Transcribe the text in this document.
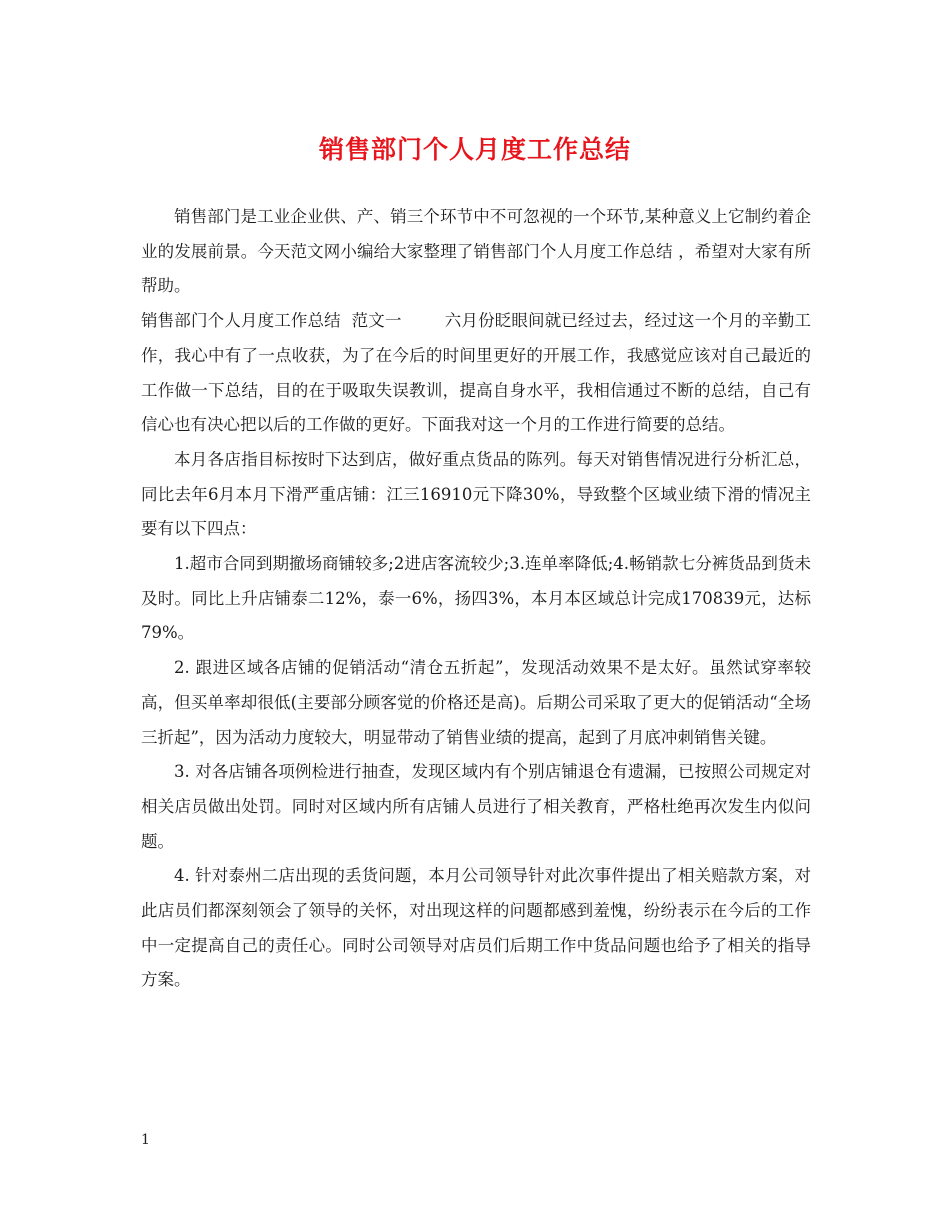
销售部门个人月度工作总结

销售部门是工业企业供、产、销三个环节中不可忽视的一个环节,某种意义上它制约着企业的发展前景。今天范文网小编给大家整理了销售部门个人月度工作总结 ，希望对大家有所帮助。

销售部门个人月度工作总结  范文一        六月份眨眼间就已经过去，经过这一个月的辛勤工作，我心中有了一点收获，为了在今后的时间里更好的开展工作，我感觉应该对自己最近的工作做一下总结，目的在于吸取失误教训，提高自身水平，我相信通过不断的总结，自己有信心也有决心把以后的工作做的更好。下面我对这一个月的工作进行简要的总结。

本月各店指目标按时下达到店，做好重点货品的陈列。每天对销售情况进行分析汇总，同比去年6月本月下滑严重店铺：江三16910元下降30%，导致整个区域业绩下滑的情况主要有以下四点：

1.超市合同到期撤场商铺较多;2进店客流较少;3.连单率降低;4.畅销款七分裤货品到货未及时。同比上升店铺泰二12%，泰一6%，扬四3%，本月本区域总计完成170839元，达标79%。

2. 跟进区域各店铺的促销活动“清仓五折起”，发现活动效果不是太好。虽然试穿率较高，但买单率却很低(主要部分顾客觉的价格还是高)。后期公司采取了更大的促销活动“全场三折起”，因为活动力度较大，明显带动了销售业绩的提高，起到了月底冲刺销售关键。

3. 对各店铺各项例检进行抽查，发现区域内有个别店铺退仓有遗漏，已按照公司规定对相关店员做出处罚。同时对区域内所有店铺人员进行了相关教育，严格杜绝再次发生内似问题。

4. 针对泰州二店出现的丢货问题，本月公司领导针对此次事件提出了相关赔款方案，对此店员们都深刻领会了领导的关怀，对出现这样的问题都感到羞愧，纷纷表示在今后的工作中一定提高自己的责任心。同时公司领导对店员们后期工作中货品问题也给予了相关的指导方案。

1
